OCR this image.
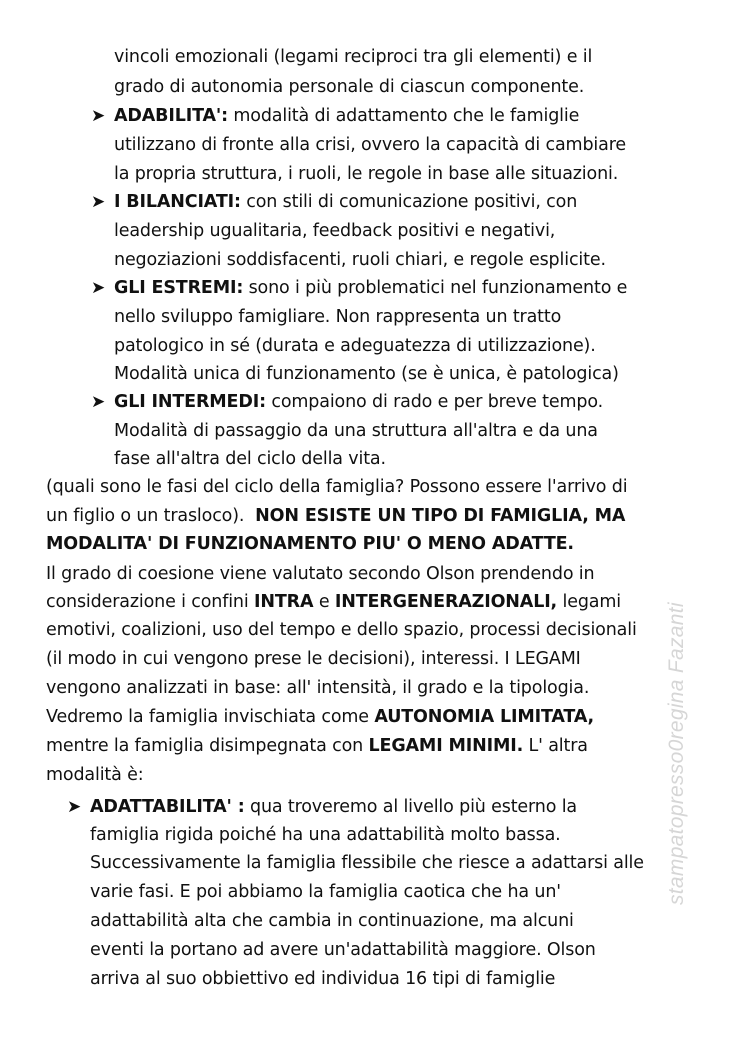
vincoli emozionali (legami reciproci tra gli elementi) e il
grado di autonomia personale di ciascun componente.
➤ ADABILITA': modalità di adattamento che le famiglie
utilizzano di fronte alla crisi, ovvero la capacità di cambiare
la propria struttura, i ruoli, le regole in base alle situazioni.
➤ I BILANCIATI: con stili di comunicazione positivi, con
leadership ugualitaria, feedback positivi e negativi,
negoziazioni soddisfacenti, ruoli chiari, e regole esplicite.
➤ GLI ESTREMI: sono i più problematici nel funzionamento e
nello sviluppo famigliare. Non rappresenta un tratto
patologico in sé (durata e adeguatezza di utilizzazione).
Modalità unica di funzionamento (se è unica, è patologica)
➤ GLI INTERMEDI: compaiono di rado e per breve tempo.
Modalità di passaggio da una struttura all'altra e da una
fase all'altra del ciclo della vita.
(quali sono le fasi del ciclo della famiglia? Possono essere l'arrivo di
un figlio o un trasloco). NON ESISTE UN TIPO DI FAMIGLIA, MA
MODALITA' DI FUNZIONAMENTO PIU' O MENO ADATTE.
Il grado di coesione viene valutato secondo Olson prendendo in
considerazione i confini INTRA e INTERGENERAZIONALI, legami
emotivi, coalizioni, uso del tempo e dello spazio, processi decisionali
(il modo in cui vengono prese le decisioni), interessi. I LEGAMI
vengono analizzati in base: all' intensità, il grado e la tipologia.
Vedremo la famiglia invischiata come AUTONOMIA LIMITATA,
mentre la famiglia disimpegnata con LEGAMI MINIMI. L' altra
modalità è:
➤ ADATTABILITA' : qua troveremo al livello più esterno la
famiglia rigida poiché ha una adattabilità molto bassa.
Successivamente la famiglia flessibile che riesce a adattarsi alle
varie fasi. E poi abbiamo la famiglia caotica che ha un'
adattabilità alta che cambia in continuazione, ma alcuni
eventi la portano ad avere un'adattabilità maggiore. Olson
arriva al suo obbiettivo ed individua 16 tipi di famiglie
stampatopresso0regina Fazanti
